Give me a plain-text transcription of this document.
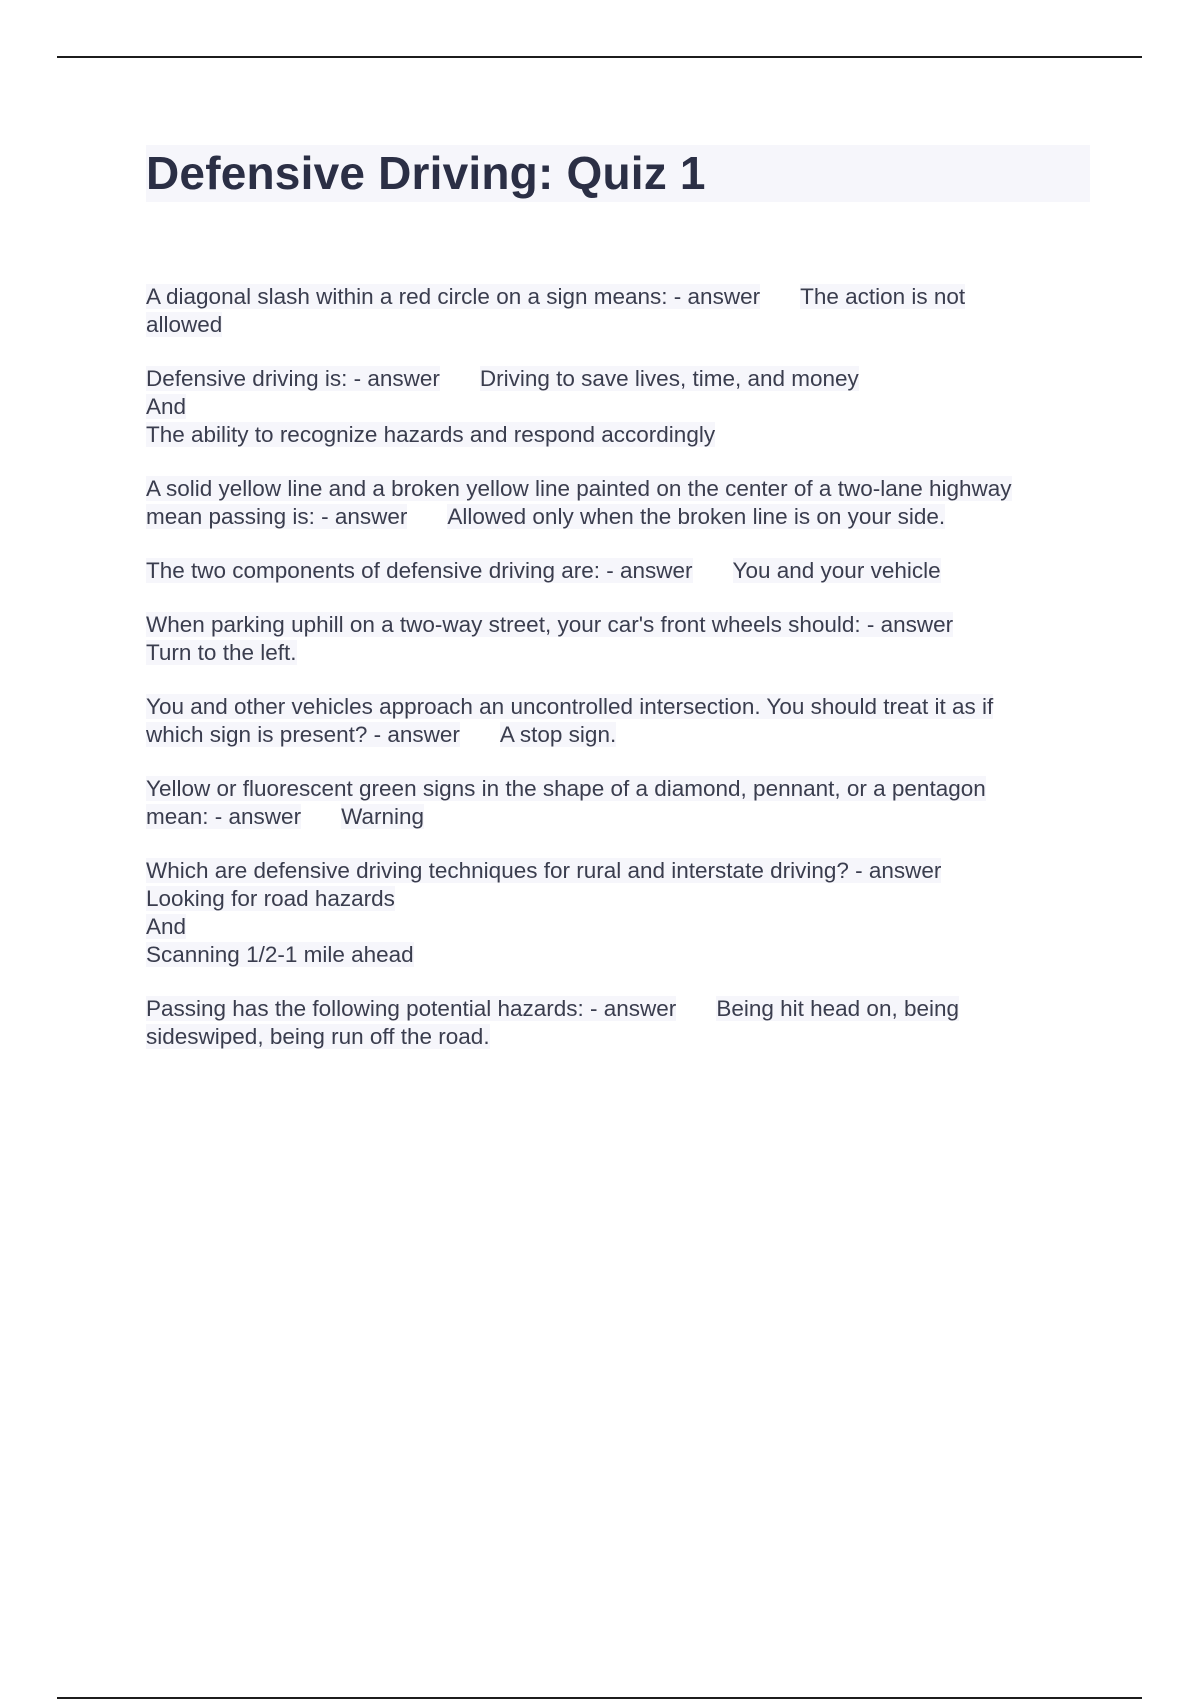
Defensive Driving: Quiz 1
A diagonal slash within a red circle on a sign means: - answer The action is not
allowed
Defensive driving is: - answer Driving to save lives, time, and money
And
The ability to recognize hazards and respond accordingly
A solid yellow line and a broken yellow line painted on the center of a two-lane highway
mean passing is: - answer Allowed only when the broken line is on your side.
The two components of defensive driving are: - answer You and your vehicle
When parking uphill on a two-way street, your car's front wheels should: - answer
Turn to the left.
You and other vehicles approach an uncontrolled intersection. You should treat it as if
which sign is present? - answer A stop sign.
Yellow or fluorescent green signs in the shape of a diamond, pennant, or a pentagon
mean: - answer Warning
Which are defensive driving techniques for rural and interstate driving? - answer
Looking for road hazards
And
Scanning 1/2-1 mile ahead
Passing has the following potential hazards: - answer Being hit head on, being
sideswiped, being run off the road.
